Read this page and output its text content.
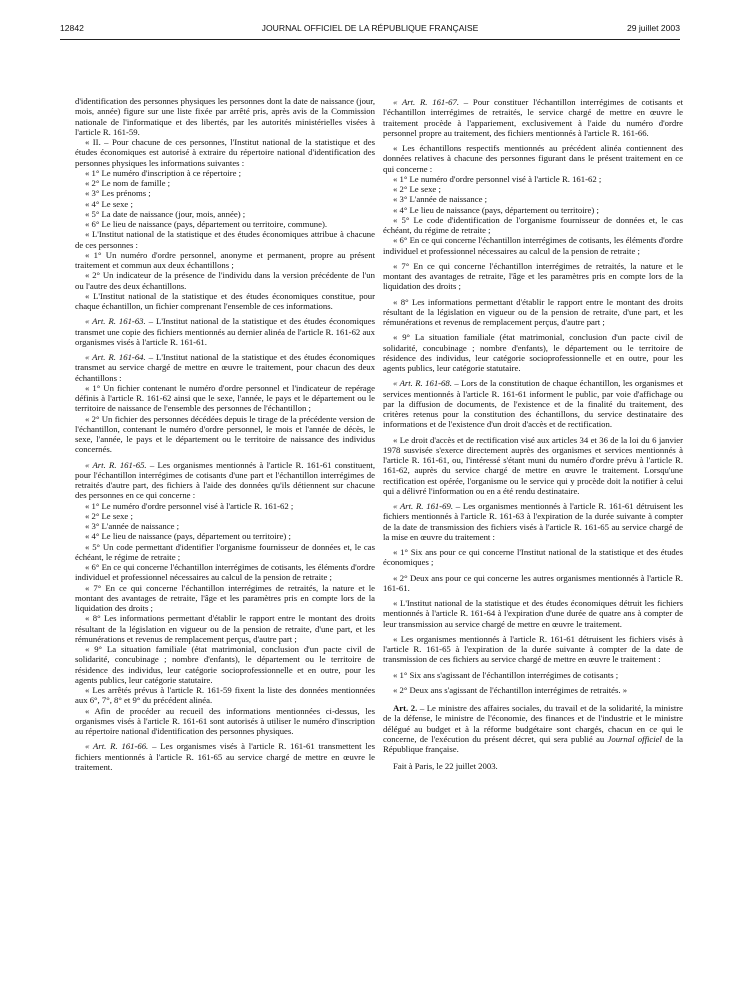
12842	JOURNAL OFFICIEL DE LA RÉPUBLIQUE FRANÇAISE	29 juillet 2003

d'identification des personnes physiques les personnes dont la date de naissance (jour, mois, année) figure sur une liste fixée par arrêté pris, après avis de la Commission nationale de l'informatique et des libertés, par les autorités ministérielles visées à l'article R. 161-59.

« II. – Pour chacune de ces personnes, l'Institut national de la statistique et des études économiques est autorisé à extraire du répertoire national d'identification des personnes physiques les informations suivantes :

« 1° Le numéro d'inscription à ce répertoire ;

« 2° Le nom de famille ;

« 3° Les prénoms ;

« 4° Le sexe ;

« 5° La date de naissance (jour, mois, année) ;

« 6° Le lieu de naissance (pays, département ou territoire, commune).

« L'Institut national de la statistique et des études économiques attribue à chacune de ces personnes :

« 1° Un numéro d'ordre personnel, anonyme et permanent, propre au présent traitement et commun aux deux échantillons ;

« 2° Un indicateur de la présence de l'individu dans la version précédente de l'un ou l'autre des deux échantillons.

« L'Institut national de la statistique et des études économiques constitue, pour chaque échantillon, un fichier comprenant l'ensemble de ces informations.

« Art. R. 161-63. – L'Institut national de la statistique et des études économiques transmet une copie des fichiers mentionnés au dernier alinéa de l'article R. 161-62 aux organismes visés à l'article R. 161-61.

« Art. R. 161-64. – L'Institut national de la statistique et des études économiques transmet au service chargé de mettre en œuvre le traitement, pour chacun des deux échantillons :

« 1° Un fichier contenant le numéro d'ordre personnel et l'indicateur de repérage définis à l'article R. 161-62 ainsi que le sexe, l'année, le pays et le département ou le territoire de naissance de l'ensemble des personnes de l'échantillon ;

« 2° Un fichier des personnes décédées depuis le tirage de la précédente version de l'échantillon, contenant le numéro d'ordre personnel, le mois et l'année de décès, le sexe, l'année, le pays et le département ou le territoire de naissance des individus concernés.

« Art. R. 161-65. – Les organismes mentionnés à l'article R. 161-61 constituent, pour l'échantillon interrégimes de cotisants d'une part et l'échantillon interrégimes de retraités d'autre part, des fichiers à l'aide des données qu'ils détiennent sur chacune des personnes en ce qui concerne :

« 1° Le numéro d'ordre personnel visé à l'article R. 161-62 ;

« 2° Le sexe ;

« 3° L'année de naissance ;

« 4° Le lieu de naissance (pays, département ou territoire) ;

« 5° Un code permettant d'identifier l'organisme fournisseur de données et, le cas échéant, le régime de retraite ;

« 6° En ce qui concerne l'échantillon interrégimes de cotisants, les éléments d'ordre individuel et professionnel nécessaires au calcul de la pension de retraite ;

« 7° En ce qui concerne l'échantillon interrégimes de retraités, la nature et le montant des avantages de retraite, l'âge et les paramètres pris en compte lors de la liquidation des droits ;

« 8° Les informations permettant d'établir le rapport entre le montant des droits résultant de la législation en vigueur ou de la pension de retraite, d'une part, et les rémunérations et revenus de remplacement perçus, d'autre part ;

« 9° La situation familiale (état matrimonial, conclusion d'un pacte civil de solidarité, concubinage ; nombre d'enfants), le département ou le territoire de résidence des individus, leur catégorie socioprofessionnelle et en outre, pour les agents publics, leur catégorie statutaire.

« Les arrêtés prévus à l'article R. 161-59 fixent la liste des données mentionnées aux 6°, 7°, 8° et 9° du précédent alinéa.

« Afin de procéder au recueil des informations mentionnées ci-dessus, les organismes visés à l'article R. 161-61 sont autorisés à utiliser le numéro d'inscription au répertoire national d'identification des personnes physiques.

« Art. R. 161-66. – Les organismes visés à l'article R. 161-61 transmettent les fichiers mentionnés à l'article R. 161-65 au service chargé de mettre en œuvre le traitement.

« Art. R. 161-67. – Pour constituer l'échantillon interrégimes de cotisants et l'échantillon interrégimes de retraités, le service chargé de mettre en œuvre le traitement procède à l'appariement, exclusivement à l'aide du numéro d'ordre personnel propre au traitement, des fichiers mentionnés à l'article R. 161-66.

« Les échantillons respectifs mentionnés au précédent alinéa contiennent des données relatives à chacune des personnes figurant dans le présent traitement en ce qui concerne :

« 1° Le numéro d'ordre personnel visé à l'article R. 161-62 ;

« 2° Le sexe ;

« 3° L'année de naissance ;

« 4° Le lieu de naissance (pays, département ou territoire) ;

« 5° Le code d'identification de l'organisme fournisseur de données et, le cas échéant, du régime de retraite ;

« 6° En ce qui concerne l'échantillon interrégimes de cotisants, les éléments d'ordre individuel et professionnel nécessaires au calcul de la pension de retraite ;

« 7° En ce qui concerne l'échantillon interrégimes de retraités, la nature et le montant des avantages de retraite, l'âge et les paramètres pris en compte lors de la liquidation des droits ;

« 8° Les informations permettant d'établir le rapport entre le montant des droits résultant de la législation en vigueur ou de la pension de retraite, d'une part, et les rémunérations et revenus de remplacement perçus, d'autre part ;

« 9° La situation familiale (état matrimonial, conclusion d'un pacte civil de solidarité, concubinage ; nombre d'enfants), le département ou le territoire de résidence des individus, leur catégorie socioprofessionnelle et en outre, pour les agents publics, leur catégorie statutaire.

« Art. R. 161-68. – Lors de la constitution de chaque échantillon, les organismes et services mentionnés à l'article R. 161-61 informent le public, par voie d'affichage ou par la diffusion de documents, de l'existence et de la finalité du traitement, des critères retenus pour la constitution des échantillons, du service destinataire des informations et de l'existence d'un droit d'accès et de rectification.

« Le droit d'accès et de rectification visé aux articles 34 et 36 de la loi du 6 janvier 1978 susvisée s'exerce directement auprès des organismes et services mentionnés à l'article R. 161-61, ou, l'intéressé s'étant muni du numéro d'ordre prévu à l'article R. 161-62, auprès du service chargé de mettre en œuvre le traitement. Lorsqu'une rectification est opérée, l'organisme ou le service qui y procède doit la notifier à celui qui a délivré l'information ou en a été rendu destinataire.

« Art. R. 161-69. – Les organismes mentionnés à l'article R. 161-61 détruisent les fichiers mentionnés à l'article R. 161-63 à l'expiration de la durée suivante à compter de la date de transmission des fichiers visés à l'article R. 161-65 au service chargé de la mise en œuvre du traitement :

« 1° Six ans pour ce qui concerne l'Institut national de la statistique et des études économiques ;

« 2° Deux ans pour ce qui concerne les autres organismes mentionnés à l'article R. 161-61.

« L'Institut national de la statistique et des études économiques détruit les fichiers mentionnés à l'article R. 161-64 à l'expiration d'une durée de quatre ans à compter de leur transmission au service chargé de mettre en œuvre le traitement.

« Les organismes mentionnés à l'article R. 161-61 détruisent les fichiers visés à l'article R. 161-65 à l'expiration de la durée suivante à compter de la date de transmission de ces fichiers au service chargé de mettre en œuvre le traitement :

« 1° Six ans s'agissant de l'échantillon interrégimes de cotisants ;

« 2° Deux ans s'agissant de l'échantillon interrégimes de retraités. »

Art. 2. – Le ministre des affaires sociales, du travail et de la solidarité, la ministre de la défense, le ministre de l'économie, des finances et de l'industrie et le ministre délégué au budget et à la réforme budgétaire sont chargés, chacun en ce qui le concerne, de l'exécution du présent décret, qui sera publié au Journal officiel de la République française.

Fait à Paris, le 22 juillet 2003.
